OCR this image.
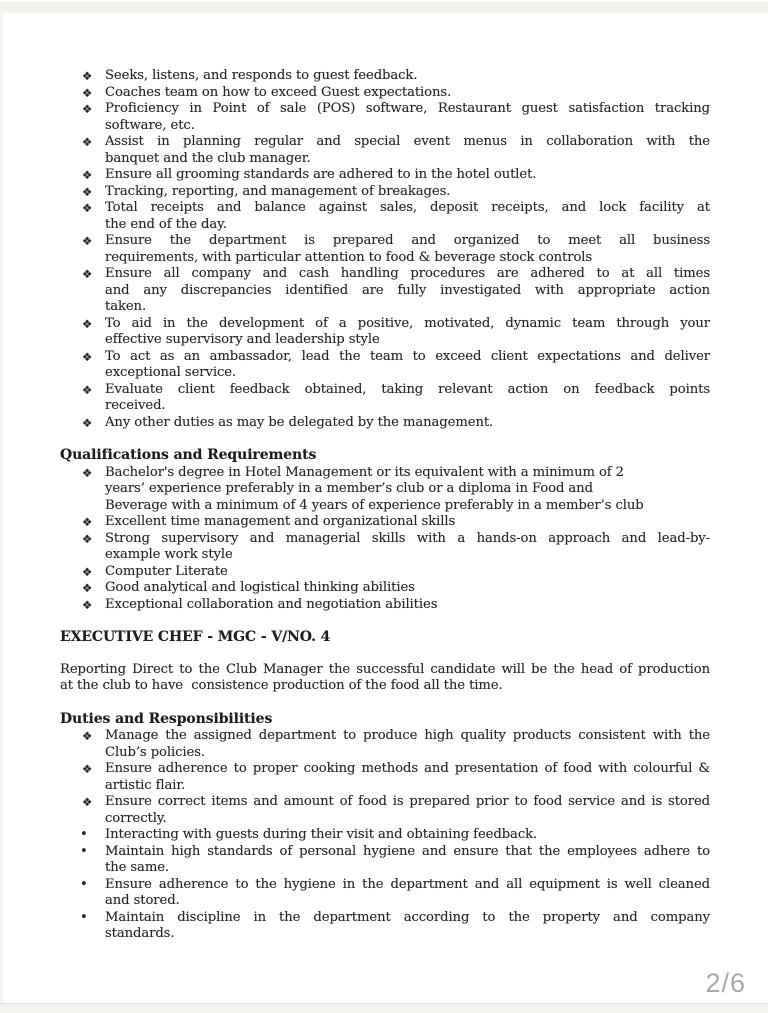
❖ Seeks, listens, and responds to guest feedback.
❖ Coaches team on how to exceed Guest expectations.
❖ Proficiency in Point of sale (POS) software, Restaurant guest satisfaction tracking
software, etc.
❖ Assist in planning regular and special event menus in collaboration with the
banquet and the club manager.
❖ Ensure all grooming standards are adhered to in the hotel outlet.
❖ Tracking, reporting, and management of breakages.
❖ Total receipts and balance against sales, deposit receipts, and lock facility at
the end of the day.
❖ Ensure the department is prepared and organized to meet all business
requirements, with particular attention to food & beverage stock controls
❖ Ensure all company and cash handling procedures are adhered to at all times
and any discrepancies identified are fully investigated with appropriate action
taken.
❖ To aid in the development of a positive, motivated, dynamic team through your
effective supervisory and leadership style
❖ To act as an ambassador, lead the team to exceed client expectations and deliver
exceptional service.
❖ Evaluate client feedback obtained, taking relevant action on feedback points
received.
❖ Any other duties as may be delegated by the management.
Qualifications and Requirements
❖ Bachelor's degree in Hotel Management or its equivalent with a minimum of 2
years’ experience preferably in a member’s club or a diploma in Food and
Beverage with a minimum of 4 years of experience preferably in a member’s club
❖ Excellent time management and organizational skills
❖ Strong supervisory and managerial skills with a hands-on approach and lead-by-
example work style
❖ Computer Literate
❖ Good analytical and logistical thinking abilities
❖ Exceptional collaboration and negotiation abilities
EXECUTIVE CHEF - MGC - V/NO. 4
Reporting Direct to the Club Manager the successful candidate will be the head of production
at the club to have  consistence production of the food all the time.
Duties and Responsibilities
❖ Manage the assigned department to produce high quality products consistent with the
Club’s policies.
❖ Ensure adherence to proper cooking methods and presentation of food with colourful &
artistic flair.
❖ Ensure correct items and amount of food is prepared prior to food service and is stored
correctly.
• Interacting with guests during their visit and obtaining feedback.
• Maintain high standards of personal hygiene and ensure that the employees adhere to
the same.
• Ensure adherence to the hygiene in the department and all equipment is well cleaned
and stored.
• Maintain discipline in the department according to the property and company
standards.
2/6
